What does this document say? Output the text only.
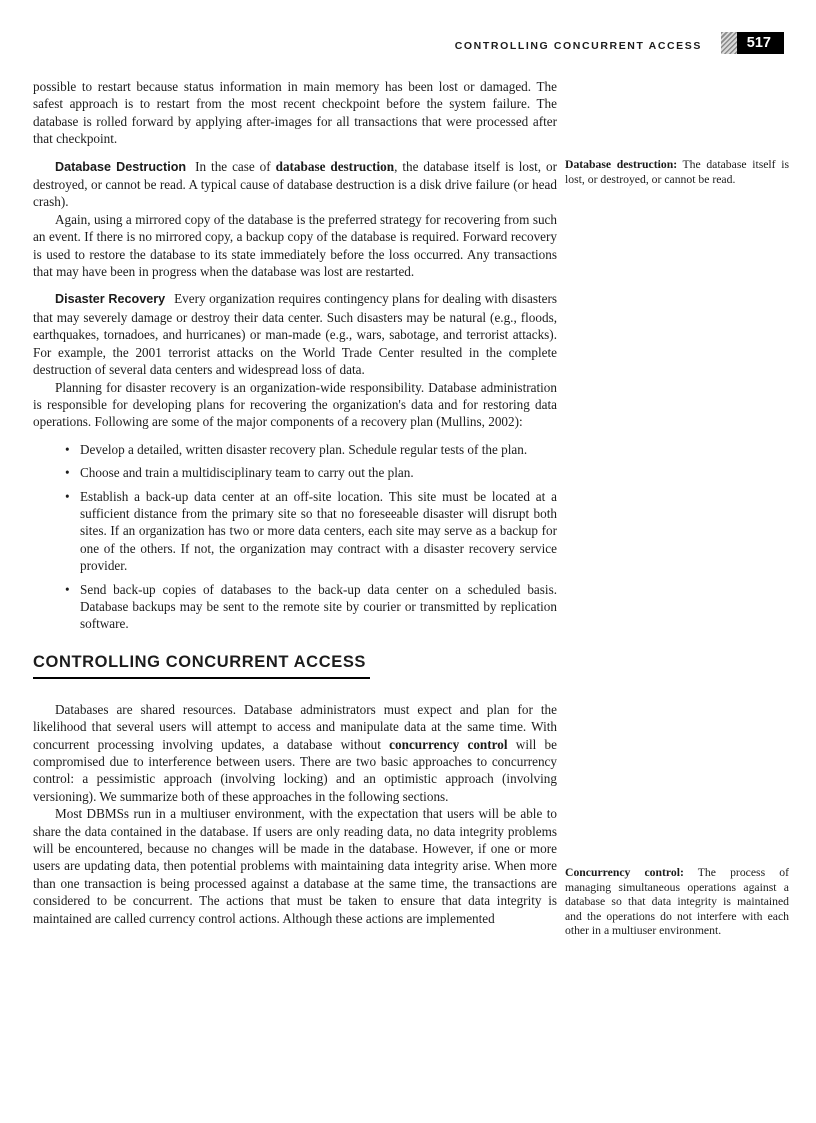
CONTROLLING CONCURRENT ACCESS	517

possible to restart because status information in main memory has been lost or damaged. The safest approach is to restart from the most recent checkpoint before the system failure. The database is rolled forward by applying after-images for all transactions that were processed after that checkpoint.

Database Destruction In the case of database destruction, the database itself is lost, or destroyed, or cannot be read. A typical cause of database destruction is a disk drive failure (or head crash).

Again, using a mirrored copy of the database is the preferred strategy for recovering from such an event. If there is no mirrored copy, a backup copy of the database is required. Forward recovery is used to restore the database to its state immediately before the loss occurred. Any transactions that may have been in progress when the database was lost are restarted.

Disaster Recovery Every organization requires contingency plans for dealing with disasters that may severely damage or destroy their data center. Such disasters may be natural (e.g., floods, earthquakes, tornadoes, and hurricanes) or man-made (e.g., wars, sabotage, and terrorist attacks). For example, the 2001 terrorist attacks on the World Trade Center resulted in the complete destruction of several data centers and widespread loss of data.

Planning for disaster recovery is an organization-wide responsibility. Database administration is responsible for developing plans for recovering the organization's data and for restoring data operations. Following are some of the major components of a recovery plan (Mullins, 2002):

• Develop a detailed, written disaster recovery plan. Schedule regular tests of the plan.
• Choose and train a multidisciplinary team to carry out the plan.
• Establish a back-up data center at an off-site location. This site must be located at a sufficient distance from the primary site so that no foreseeable disaster will disrupt both sites. If an organization has two or more data centers, each site may serve as a backup for one of the others. If not, the organization may contract with a disaster recovery service provider.
• Send back-up copies of databases to the back-up data center on a scheduled basis. Database backups may be sent to the remote site by courier or transmitted by replication software.
CONTROLLING CONCURRENT ACCESS

Databases are shared resources. Database administrators must expect and plan for the likelihood that several users will attempt to access and manipulate data at the same time. With concurrent processing involving updates, a database without concurrency control will be compromised due to interference between users. There are two basic approaches to concurrency control: a pessimistic approach (involving locking) and an optimistic approach (involving versioning). We summarize both of these approaches in the following sections.

Most DBMSs run in a multiuser environment, with the expectation that users will be able to share the data contained in the database. If users are only reading data, no data integrity problems will be encountered, because no changes will be made in the database. However, if one or more users are updating data, then potential problems with maintaining data integrity arise. When more than one transaction is being processed against a database at the same time, the transactions are considered to be concurrent. The actions that must be taken to ensure that data integrity is maintained are called currency control actions. Although these actions are implemented

Database destruction: The database itself is lost, or destroyed, or cannot be read.
Concurrency control: The process of managing simultaneous operations against a database so that data integrity is maintained and the operations do not interfere with each other in a multiuser environment.
